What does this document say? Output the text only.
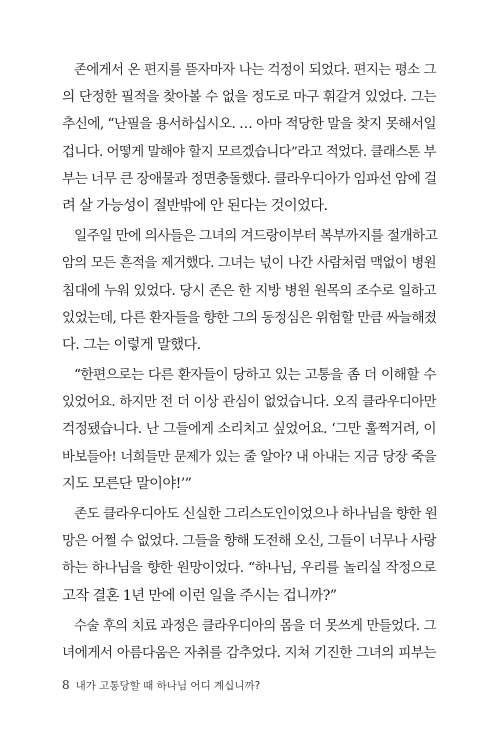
존에게서 온 편지를 뜯자마자 나는 걱정이 되었다. 편지는 평소 그
의 단정한 필적을 찾아볼 수 없을 정도로 마구 휘갈겨 있었다. 그는
추신에, “난필을 용서하십시오. … 아마 적당한 말을 찾지 못해서일
겁니다. 어떻게 말해야 할지 모르겠습니다”라고 적었다. 클래스톤 부
부는 너무 큰 장애물과 정면충돌했다. 클라우디아가 임파선 암에 걸
려 살 가능성이 절반밖에 안 된다는 것이었다.
일주일 만에 의사들은 그녀의 겨드랑이부터 복부까지를 절개하고
암의 모든 흔적을 제거했다. 그녀는 넋이 나간 사람처럼 맥없이 병원
침대에 누워 있었다. 당시 존은 한 지방 병원 원목의 조수로 일하고
있었는데, 다른 환자들을 향한 그의 동정심은 위험할 만큼 싸늘해졌
다. 그는 이렇게 말했다.
“한편으로는 다른 환자들이 당하고 있는 고통을 좀 더 이해할 수
있었어요. 하지만 전 더 이상 관심이 없었습니다. 오직 클라우디아만
걱정됐습니다. 난 그들에게 소리치고 싶었어요. ‘그만 훌쩍거려, 이
바보들아! 너희들만 문제가 있는 줄 알아? 내 아내는 지금 당장 죽을
지도 모른단 말이야!’”
존도 클라우디아도 신실한 그리스도인이었으나 하나님을 향한 원
망은 어쩔 수 없었다. 그들을 향해 도전해 오신, 그들이 너무나 사랑
하는 하나님을 향한 원망이었다. “하나님, 우리를 놀리실 작정으로
고작 결혼 1년 만에 이런 일을 주시는 겁니까?”
수술 후의 치료 과정은 클라우디아의 몸을 더 못쓰게 만들었다. 그
녀에게서 아름다움은 자취를 감추었다. 지쳐 기진한 그녀의 피부는
8 내가 고통당할 때 하나님 어디 계십니까?
